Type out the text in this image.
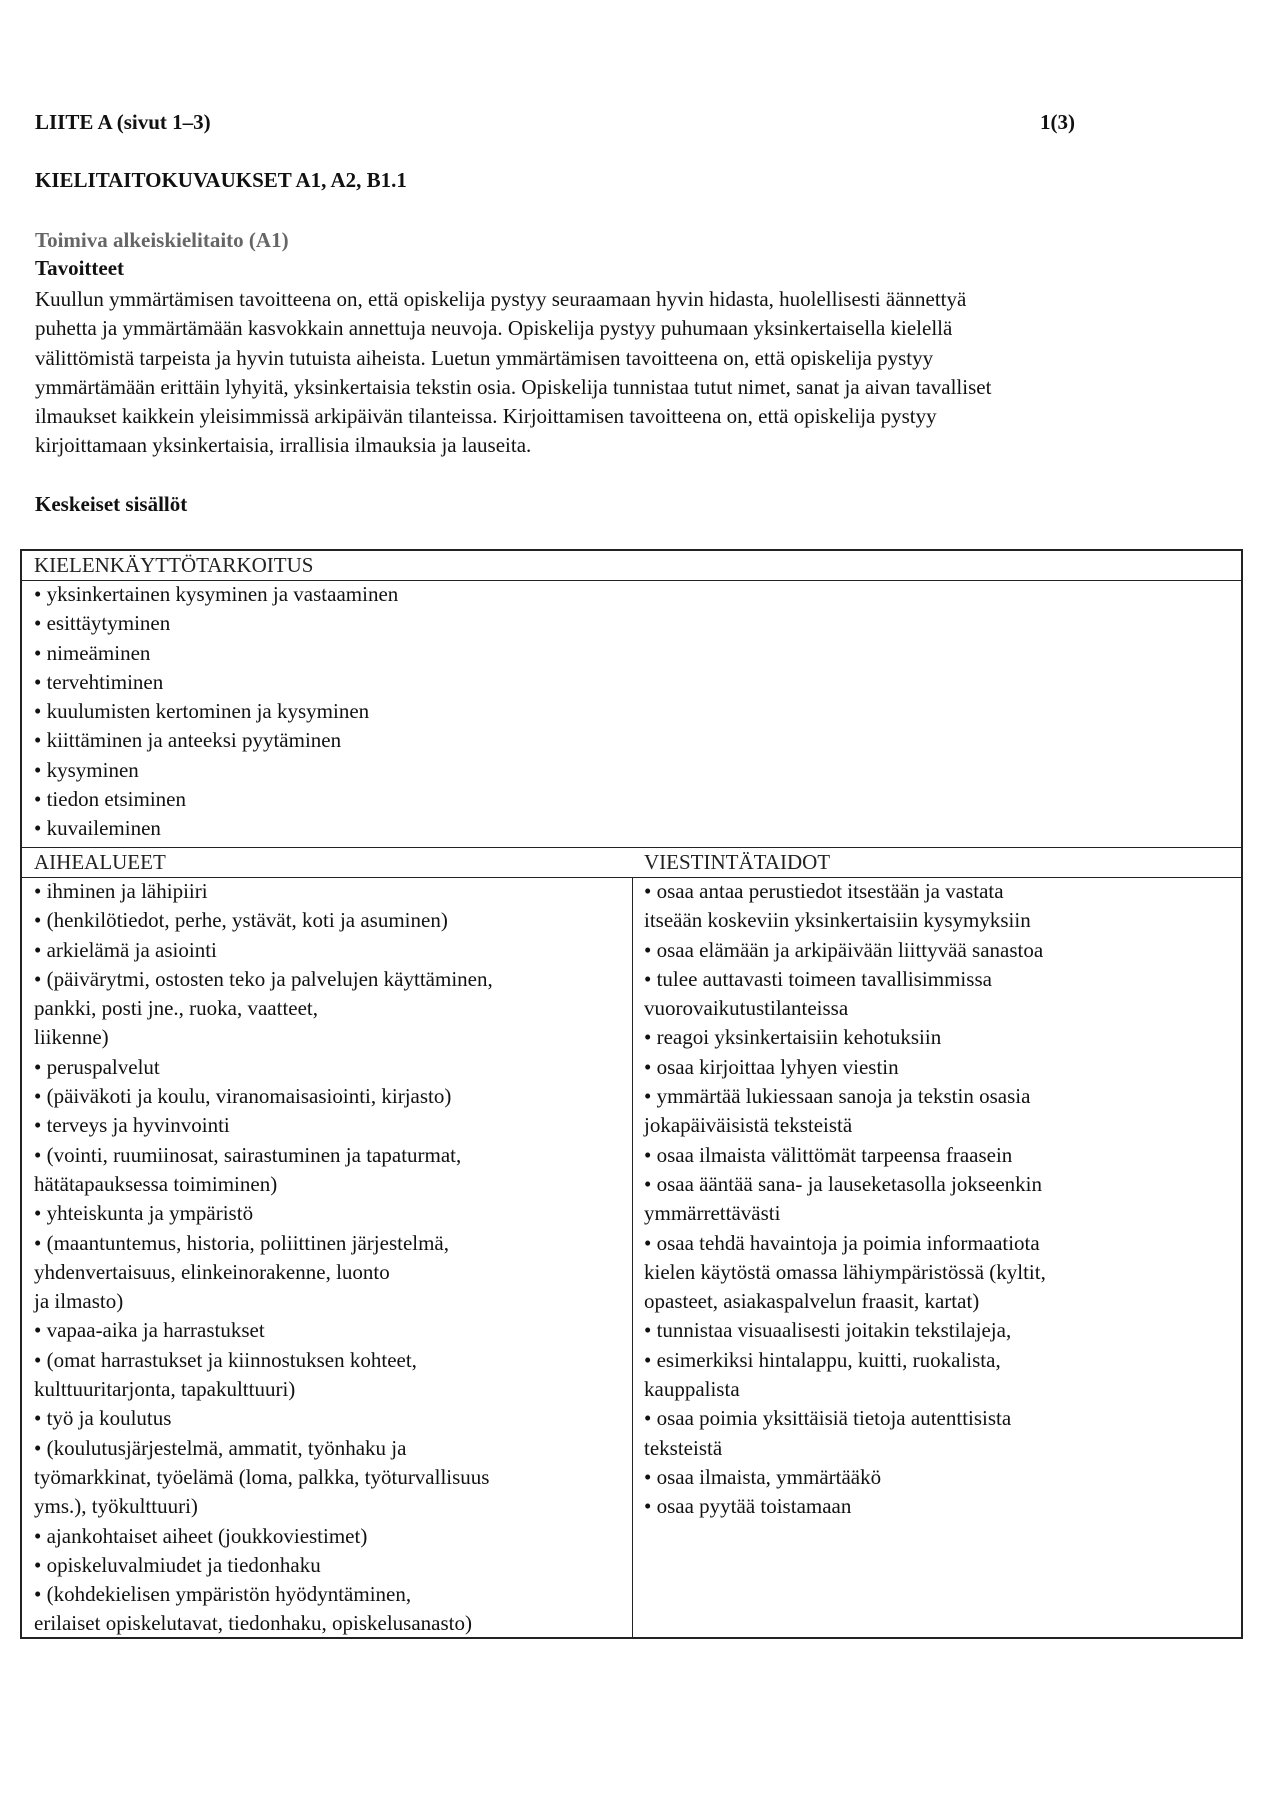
LIITE A (sivut 1–3)	1(3)
KIELITAITOKUVAUKSET A1, A2, B1.1
Toimiva alkeiskielitaito (A1)
Tavoitteet
Kuullun ymmärtämisen tavoitteena on, että opiskelija pystyy seuraamaan hyvin hidasta, huolellisesti äännettyä
puhetta ja ymmärtämään kasvokkain annettuja neuvoja. Opiskelija pystyy puhumaan yksinkertaisella kielellä
välittömistä tarpeista ja hyvin tutuista aiheista. Luetun ymmärtämisen tavoitteena on, että opiskelija pystyy
ymmärtämään erittäin lyhyitä, yksinkertaisia tekstin osia. Opiskelija tunnistaa tutut nimet, sanat ja aivan tavalliset
ilmaukset kaikkein yleisimmissä arkipäivän tilanteissa. Kirjoittamisen tavoitteena on, että opiskelija pystyy
kirjoittamaan yksinkertaisia, irrallisia ilmauksia ja lauseita.
Keskeiset sisällöt
KIELENKÄYTTÖTARKOITUS
• yksinkertainen kysyminen ja vastaaminen
• esittäytyminen
• nimeäminen
• tervehtiminen
• kuulumisten kertominen ja kysyminen
• kiittäminen ja anteeksi pyytäminen
• kysyminen
• tiedon etsiminen
• kuvaileminen
AIHEALUEET	VIESTINTÄTAIDOT
• ihminen ja lähipiiri
• (henkilötiedot, perhe, ystävät, koti ja asuminen)
• arkielämä ja asiointi
• (päivärytmi, ostosten teko ja palvelujen käyttäminen,
pankki, posti jne., ruoka, vaatteet,
liikenne)
• peruspalvelut
• (päiväkoti ja koulu, viranomaisasiointi, kirjasto)
• terveys ja hyvinvointi
• (vointi, ruumiinosat, sairastuminen ja tapaturmat,
hätätapauksessa toimiminen)
• yhteiskunta ja ympäristö
• (maantuntemus, historia, poliittinen järjestelmä,
yhdenvertaisuus, elinkeinorakenne, luonto
ja ilmasto)
• vapaa-aika ja harrastukset
• (omat harrastukset ja kiinnostuksen kohteet,
kulttuuritarjonta, tapakulttuuri)
• työ ja koulutus
• (koulutusjärjestelmä, ammatit, työnhaku ja
työmarkkinat, työelämä (loma, palkka, työturvallisuus
yms.), työkulttuuri)
• ajankohtaiset aiheet (joukkoviestimet)
• opiskeluvalmiudet ja tiedonhaku
• (kohdekielisen ympäristön hyödyntäminen,
erilaiset opiskelutavat, tiedonhaku, opiskelusanasto)
• osaa antaa perustiedot itsestään ja vastata
itseään koskeviin yksinkertaisiin kysymyksiin
• osaa elämään ja arkipäivään liittyvää sanastoa
• tulee auttavasti toimeen tavallisimmissa
vuorovaikutustilanteissa
• reagoi yksinkertaisiin kehotuksiin
• osaa kirjoittaa lyhyen viestin
• ymmärtää lukiessaan sanoja ja tekstin osasia
jokapäiväisistä teksteistä
• osaa ilmaista välittömät tarpeensa fraasein
• osaa ääntää sana- ja lauseketasolla jokseenkin
ymmärrettävästi
• osaa tehdä havaintoja ja poimia informaatiota
kielen käytöstä omassa lähiympäristössä (kyltit,
opasteet, asiakaspalvelun fraasit, kartat)
• tunnistaa visuaalisesti joitakin tekstilajeja,
• esimerkiksi hintalappu, kuitti, ruokalista,
kauppalista
• osaa poimia yksittäisiä tietoja autenttisista
teksteistä
• osaa ilmaista, ymmärtääkö
• osaa pyytää toistamaan
